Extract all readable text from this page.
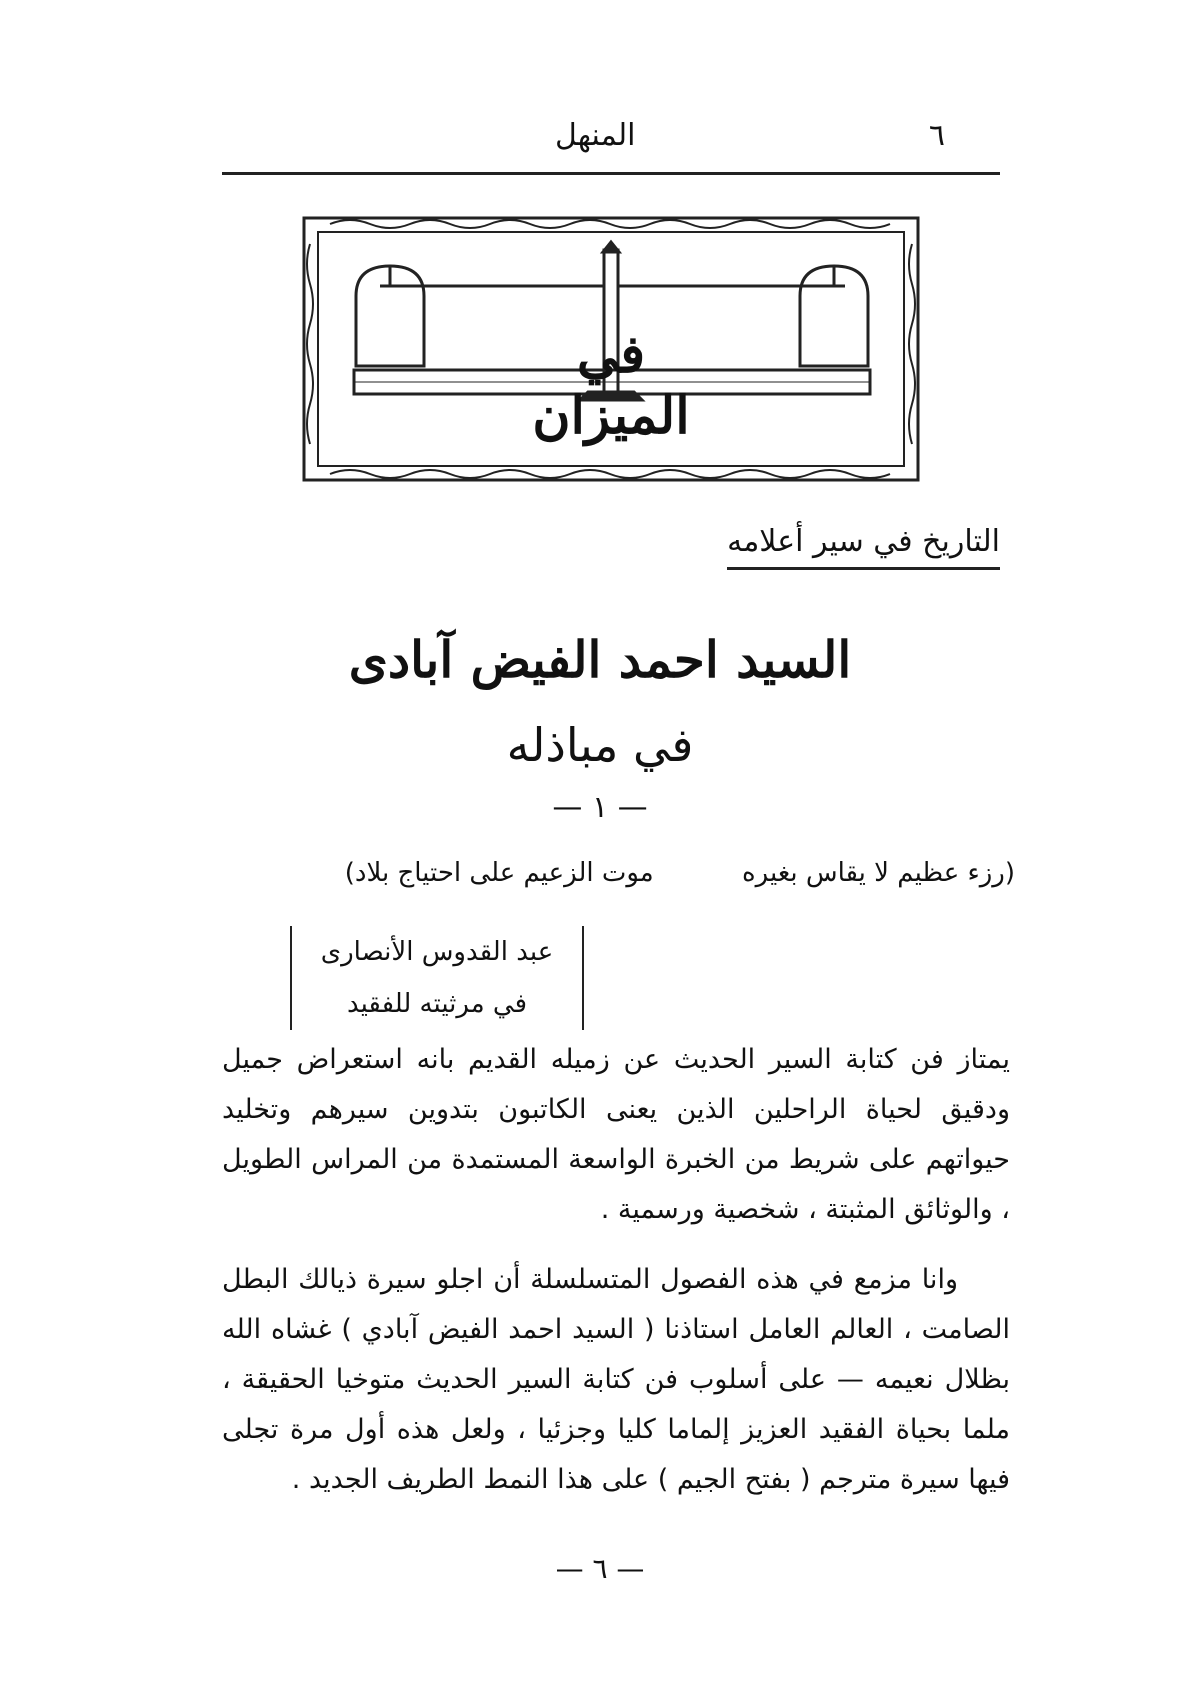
٦
المنهل
في الميزان
التاريخ في سير أعلامه
السيد احمد الفيض آبادى
في مباذله
— ١ —
(رزء عظيم لا يقاس بغيره موت الزعيم على احتياج بلاد)
عبد القدوس الأنصارى
في مرثيته للفقيد

يمتاز فن كتابة السير الحديث عن زميله القديم بانه استعراض جميل ودقيق لحياة الراحلين الذين يعنى الكاتبون بتدوين سيرهم وتخليد حيواتهم على شريط من الخبرة الواسعة المستمدة من المراس الطويل ، والوثائق المثبتة ، شخصية ورسمية .

وانا مزمع في هذه الفصول المتسلسلة أن اجلو سيرة ذيالك البطل الصامت ، العالم العامل استاذنا ( السيد احمد الفيض آبادي ) غشاه الله بظلال نعيمه — على أسلوب فن كتابة السير الحديث متوخيا الحقيقة ، ملما بحياة الفقيد العزيز إلماما كليا وجزئيا ، ولعل هذه أول مرة تجلى فيها سيرة مترجم ( بفتح الجيم ) على هذا النمط الطريف الجديد .

— ٦ —
